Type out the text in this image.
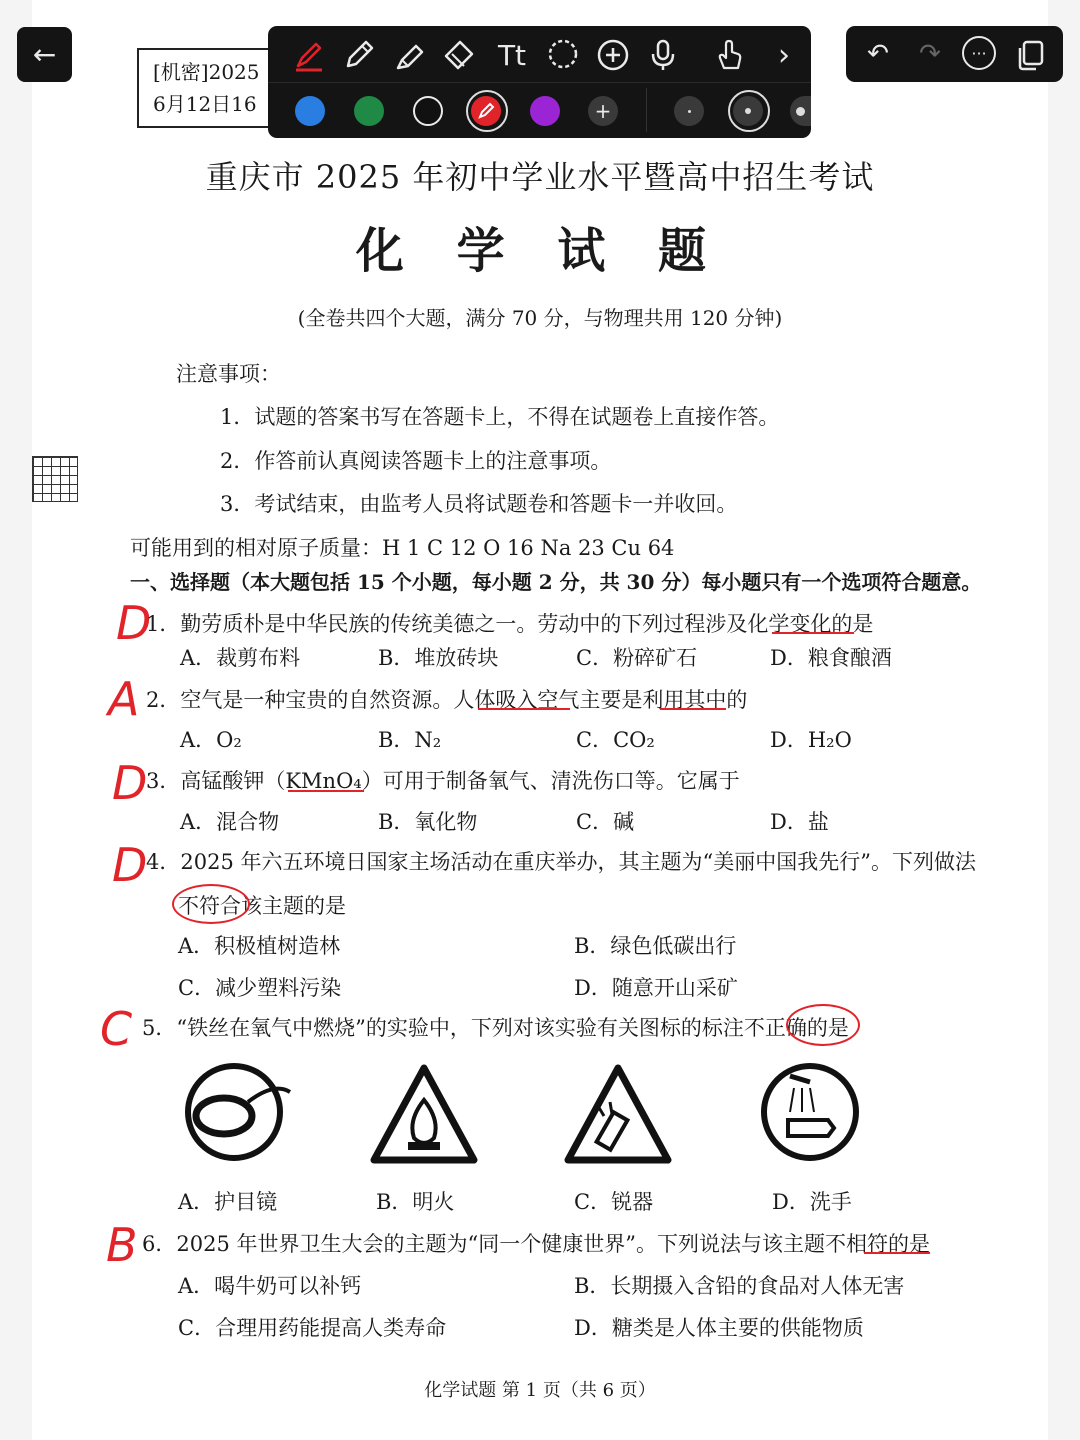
[机密]2025
6月12日16
重庆市 2025 年初中学业水平暨高中招生考试
化 学 试 题
(全卷共四个大题，满分 70 分，与物理共用 120 分钟)
注意事项：
1．试题的答案书写在答题卡上，不得在试题卷上直接作答。
2．作答前认真阅读答题卡上的注意事项。
3．考试结束，由监考人员将试题卷和答题卡一并收回。
可能用到的相对原子质量：H 1 C 12 O 16 Na 23 Cu 64
一、选择题（本大题包括 15 个小题，每小题 2 分，共 30 分）每小题只有一个选项符合题意。
D
1．勤劳质朴是中华民族的传统美德之一。劳动中的下列过程涉及化学变化的是
A．裁剪布料	B．堆放砖块	C．粉碎矿石	D．粮食酿酒
A 2．空气是一种宝贵的自然资源。人体吸入空气主要是利用其中的
A．O₂	B．N₂	C．CO₂	D．H₂O
D
3．高锰酸钾（KMnO₄）可用于制备氧气、清洗伤口等。它属于
A．混合物	B．氧化物	C．碱	D．盐
D
4．2025 年六五环境日国家主场活动在重庆举办，其主题为“美丽中国我先行”。下列做法
不符合该主题的是
A．积极植树造林	B．绿色低碳出行
C．减少塑料污染	D．随意开山采矿
C 5．“铁丝在氧气中燃烧”的实验中，下列对该实验有关图标的标注不正确的是
A．护目镜	B．明火	C．锐器	D．洗手
B 6．2025 年世界卫生大会的主题为“同一个健康世界”。下列说法与该主题不相符的是
A．喝牛奶可以补钙	B．长期摄入含铅的食品对人体无害
C．合理用药能提高人类寿命	D．糖类是人体主要的供能物质
化学试题 第 1 页（共 6 页）
←	Tt	›
+
↶	↷	···
